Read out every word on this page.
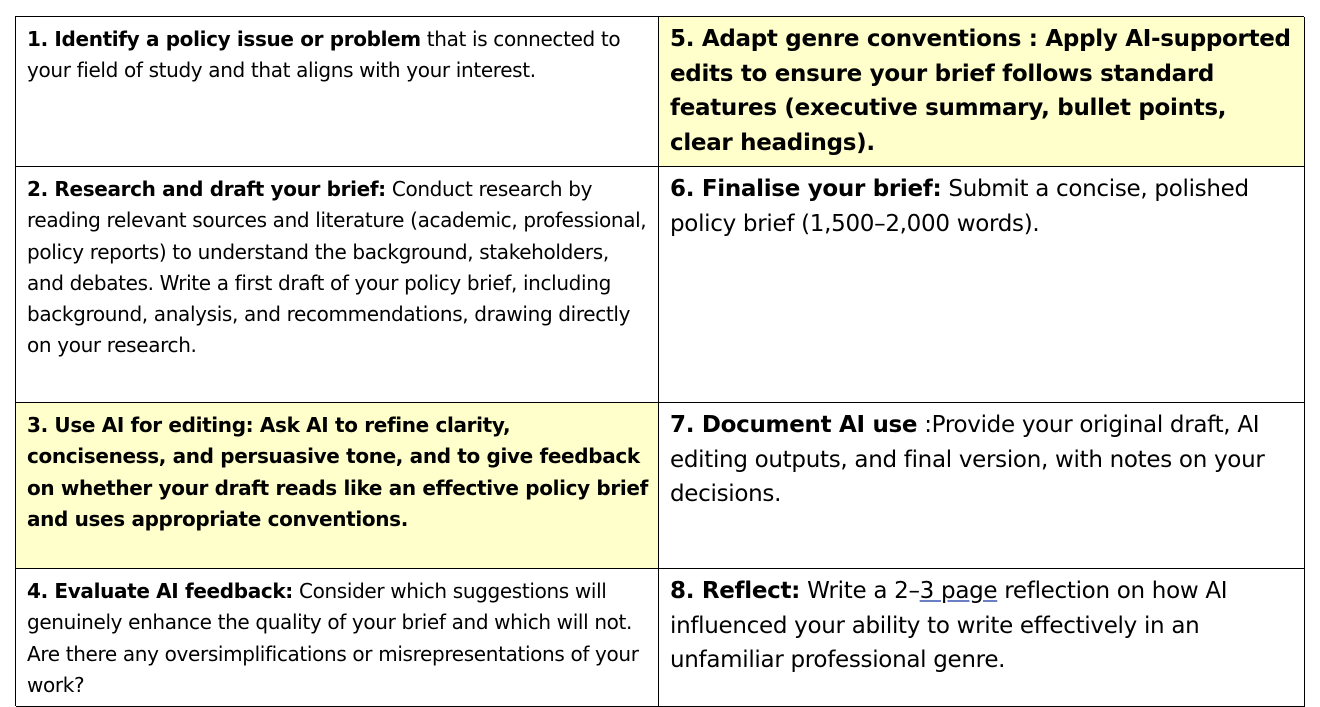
1. Identify a policy issue or problem that is connected to your field of study and that aligns with your interest.
5. Adapt genre conventions : Apply AI-supported edits to ensure your brief follows standard features (executive summary, bullet points, clear headings).
2. Research and draft your brief: Conduct research by reading relevant sources and literature (academic, professional, policy reports) to understand the background, stakeholders, and debates. Write a first draft of your policy brief, including background, analysis, and recommendations, drawing directly on your research.
6. Finalise your brief: Submit a concise, polished policy brief (1,500–2,000 words).
3. Use AI for editing: Ask AI to refine clarity, conciseness, and persuasive tone, and to give feedback on whether your draft reads like an effective policy brief and uses appropriate conventions.
7. Document AI use :Provide your original draft, AI editing outputs, and final version, with notes on your decisions.
4. Evaluate AI feedback: Consider which suggestions will genuinely enhance the quality of your brief and which will not. Are there any oversimplifications or misrepresentations of your work?
8. Reflect: Write a 2–3 page reflection on how AI influenced your ability to write effectively in an unfamiliar professional genre.
